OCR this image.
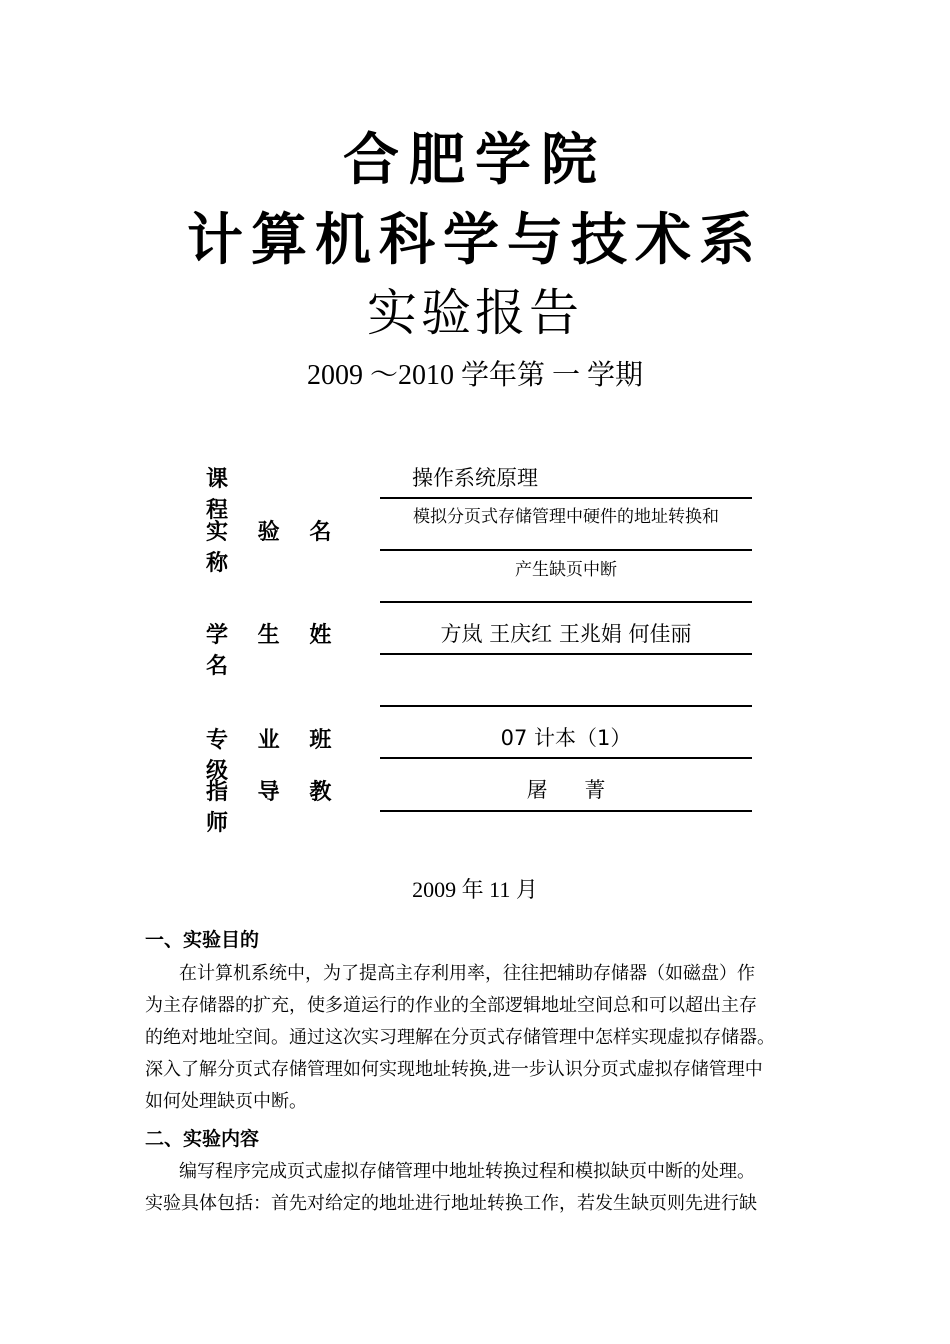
合肥学院
计算机科学与技术系
实验报告
2009 ～2010 学年第 一 学期
课 程
操作系统原理
实 验 名 称
模拟分页式存储管理中硬件的地址转换和
产生缺页中断
学 生 姓 名
方岚 王庆红 王兆娟 何佳丽
专 业 班 级
07 计本（1）
指 导 教 师
屠 菁
2009 年 11 月
一、实验目的
在计算机系统中，为了提高主存利用率，往往把辅助存储器（如磁盘）作
为主存储器的扩充，使多道运行的作业的全部逻辑地址空间总和可以超出主存
的绝对地址空间。通过这次实习理解在分页式存储管理中怎样实现虚拟存储器。
深入了解分页式存储管理如何实现地址转换,进一步认识分页式虚拟存储管理中
如何处理缺页中断。
二、实验内容
编写程序完成页式虚拟存储管理中地址转换过程和模拟缺页中断的处理。
实验具体包括：首先对给定的地址进行地址转换工作，若发生缺页则先进行缺
